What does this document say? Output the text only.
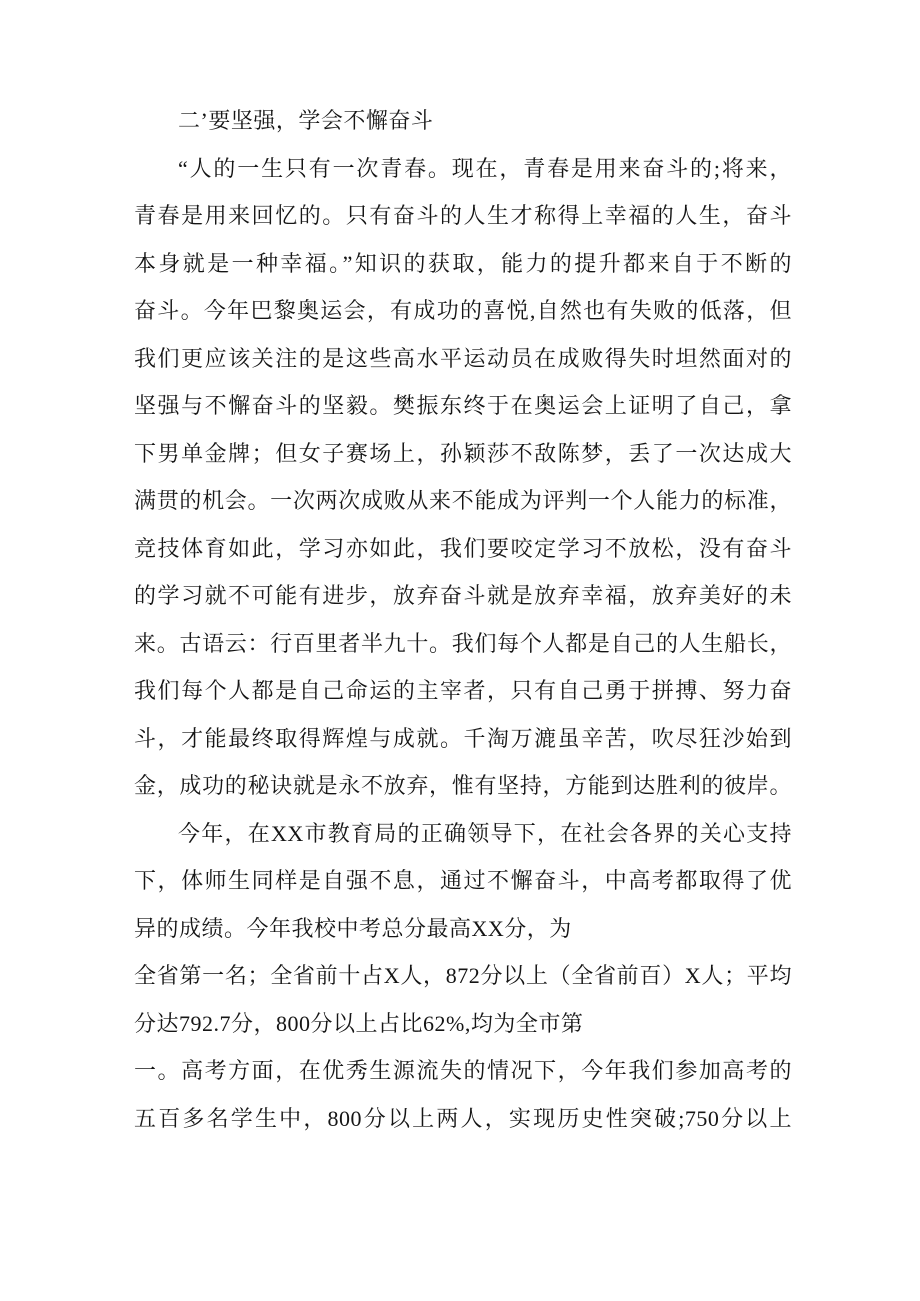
二’要坚强，学会不懈奋斗
“人的一生只有一次青春。现在，青春是用来奋斗的;将来，
青春是用来回忆的。只有奋斗的人生才称得上幸福的人生，奋斗
本身就是一种幸福。”知识的获取，能力的提升都来自于不断的
奋斗。今年巴黎奥运会，有成功的喜悦,自然也有失败的低落，但
我们更应该关注的是这些高水平运动员在成败得失时坦然面对的
坚强与不懈奋斗的坚毅。樊振东终于在奥运会上证明了自己，拿
下男单金牌；但女子赛场上，孙颖莎不敌陈梦，丢了一次达成大
满贯的机会。一次两次成败从来不能成为评判一个人能力的标准，
竞技体育如此，学习亦如此，我们要咬定学习不放松，没有奋斗
的学习就不可能有进步，放弃奋斗就是放弃幸福，放弃美好的未
来。古语云：行百里者半九十。我们每个人都是自己的人生船长，
我们每个人都是自己命运的主宰者，只有自己勇于拼搏、努力奋
斗，才能最终取得辉煌与成就。千淘万漉虽辛苦，吹尽狂沙始到
金，成功的秘诀就是永不放弃，惟有坚持，方能到达胜利的彼岸。
今年，在XX市教育局的正确领导下，在社会各界的关心支持
下，体师生同样是自强不息，通过不懈奋斗，中高考都取得了优
异的成绩。今年我校中考总分最高XX分，为
全省第一名；全省前十占X人，872分以上（全省前百）X人；平均
分达792.7分，800分以上占比62%,均为全市第
一。高考方面，在优秀生源流失的情况下，今年我们参加高考的
五百多名学生中，800分以上两人，实现历史性突破;750分以上
